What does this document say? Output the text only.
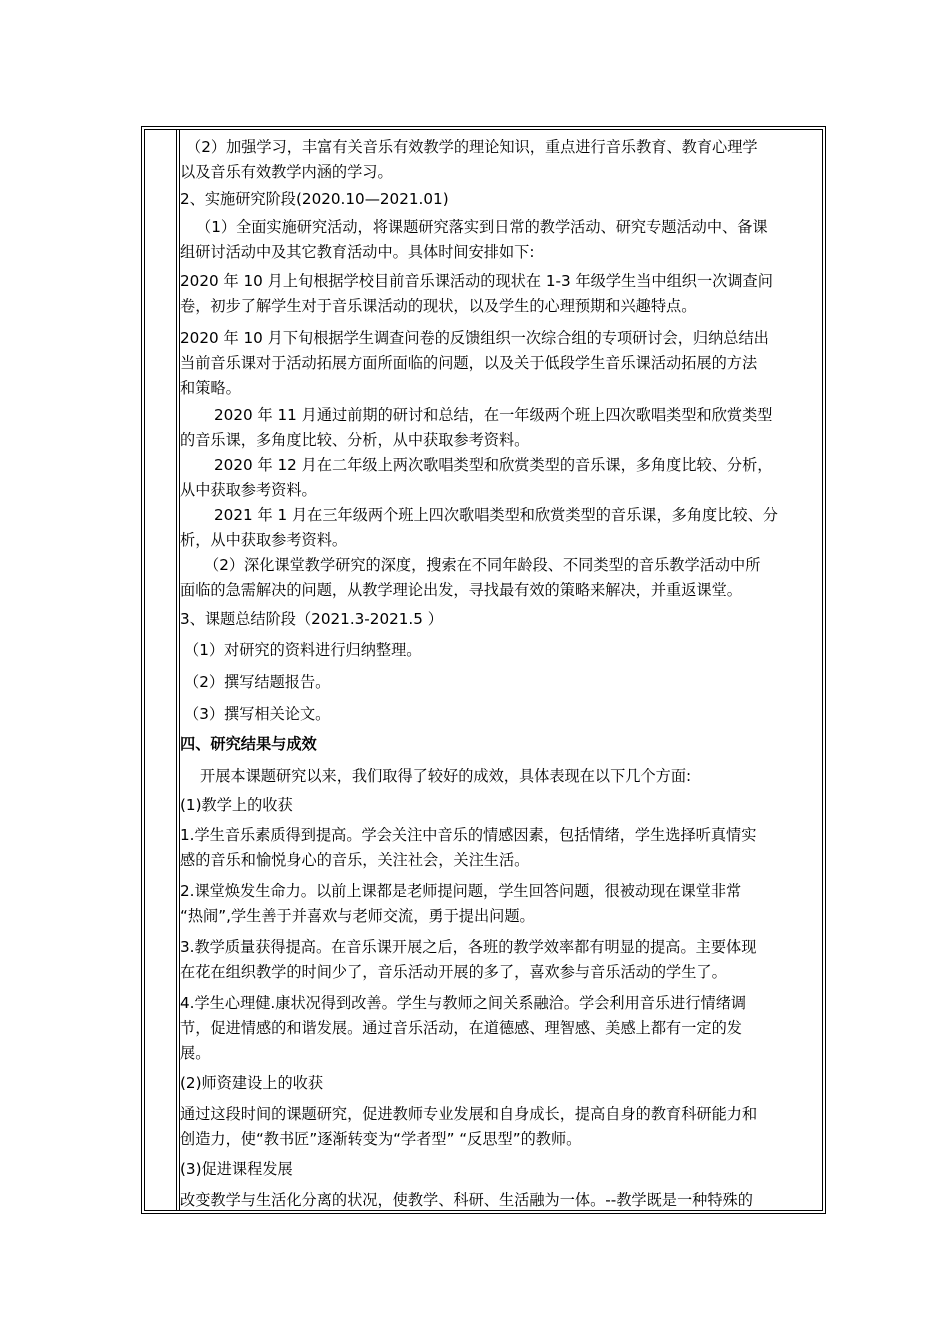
（2）加强学习，丰富有关音乐有效教学的理论知识，重点进行音乐教育、教育心理学
以及音乐有效教学内涵的学习。
2、实施研究阶段(2020.10—2021.01)
（1）全面实施研究活动，将课题研究落实到日常的教学活动、研究专题活动中、备课
组研讨活动中及其它教育活动中。具体时间安排如下:
2020 年 10 月上旬根据学校目前音乐课活动的现状在 1-3 年级学生当中组织一次调查问
卷，初步了解学生对于音乐课活动的现状，以及学生的心理预期和兴趣特点。
2020 年 10 月下旬根据学生调查问卷的反馈组织一次综合组的专项研讨会，归纳总结出
当前音乐课对于活动拓展方面所面临的问题，以及关于低段学生音乐课活动拓展的方法
和策略。
2020 年 11 月通过前期的研讨和总结，在一年级两个班上四次歌唱类型和欣赏类型
的音乐课，多角度比较、分析，从中获取参考资料。
2020 年 12 月在二年级上两次歌唱类型和欣赏类型的音乐课，多角度比较、分析，
从中获取参考资料。
2021 年 1 月在三年级两个班上四次歌唱类型和欣赏类型的音乐课，多角度比较、分
析，从中获取参考资料。
（2）深化课堂教学研究的深度，搜索在不同年龄段、不同类型的音乐教学活动中所
面临的急需解决的问题，从教学理论出发，寻找最有效的策略来解决，并重返课堂。
3、课题总结阶段（2021.3-2021.5 ）
（1）对研究的资料进行归纳整理。
（2）撰写结题报告。
（3）撰写相关论文。
四、研究结果与成效
开展本课题研究以来，我们取得了较好的成效，具体表现在以下几个方面:
(1)教学上的收获
1.学生音乐素质得到提高。学会关注中音乐的情感因素，包括情绪，学生选择听真情实
感的音乐和愉悦身心的音乐，关注社会，关注生活。
2.课堂焕发生命力。以前上课都是老师提问题，学生回答问题，很被动现在课堂非常
“热闹”,学生善于并喜欢与老师交流，勇于提出问题。
3.教学质量获得提高。在音乐课开展之后，各班的教学效率都有明显的提高。主要体现
在花在组织教学的时间少了，音乐活动开展的多了，喜欢参与音乐活动的学生了。
4.学生心理健.康状况得到改善。学生与教师之间关系融洽。学会利用音乐进行情绪调
节，促进情感的和谐发展。通过音乐活动，在道德感、理智感、美感上都有一定的发
展。
(2)师资建设上的收获
通过这段时间的课题研究，促进教师专业发展和自身成长，提高自身的教育科研能力和
创造力，使“教书匠”逐渐转变为“学者型” “反思型”的教师。
(3)促进课程发展
改变教学与生活化分离的状况，使教学、科研、生活融为一体。--教学既是一种特殊的
